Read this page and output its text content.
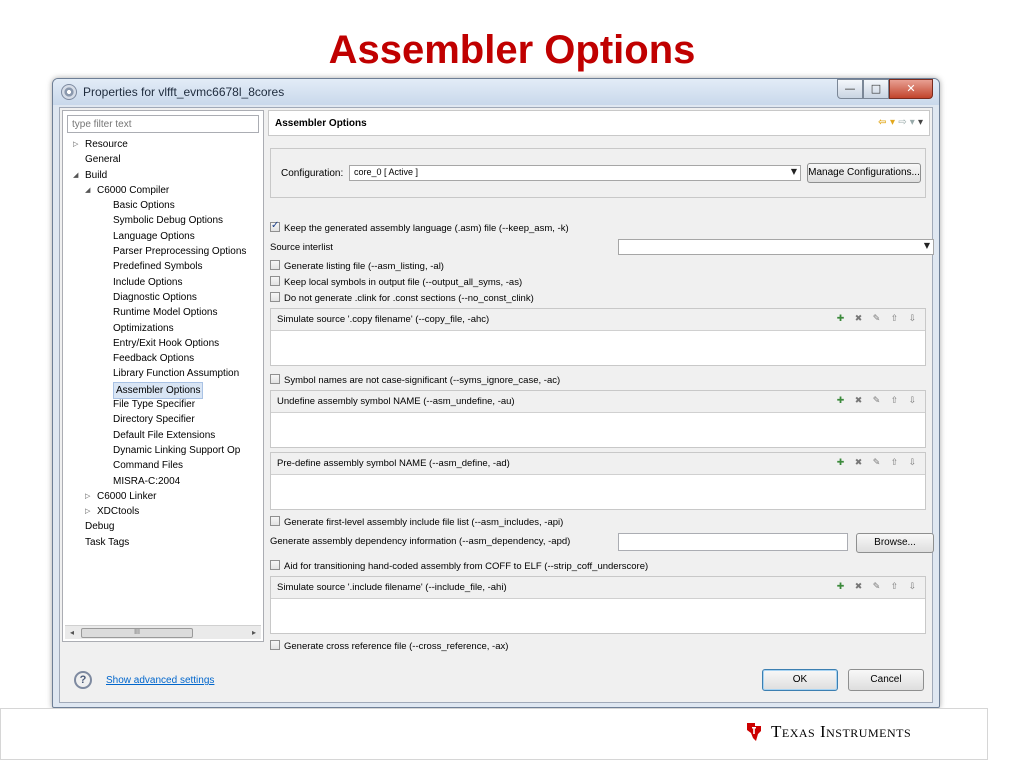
Assembler Options
Properties for vlfft_evmc6678l_8cores	—	□	✕
type filter text
▷ Resource
General
◢ Build
◢ C6000 Compiler
Basic Options
Symbolic Debug Options
Language Options
Parser Preprocessing Options
Predefined Symbols
Include Options
Diagnostic Options
Runtime Model Options
Optimizations
Entry/Exit Hook Options
Feedback Options
Library Function Assumption
Assembler Options
File Type Specifier
Directory Specifier
Default File Extensions
Dynamic Linking Support Op
Command Files
MISRA-C:2004
▷ C6000 Linker
▷ XDCtools
Debug
Task Tags
◂	III	▸
Assembler Options	⇦ ▾ ⇨ ▾ ▾
Configuration:	core_0 [ Active ]	▼ Manage Configurations...
✓Keep the generated assembly language (.asm) file (--keep_asm, -k)
Source interlist	▼
Generate listing file (--asm_listing, -al)
Keep local symbols in output file (--output_all_syms, -as)
Do not generate .clink for .const sections (--no_const_clink)
Simulate source '.copy filename' (--copy_file, -ahc)	✚	✖	✎	⇧	⇩
Symbol names are not case-significant (--syms_ignore_case, -ac)
Undefine assembly symbol NAME (--asm_undefine, -au)	✚	✖	✎	⇧	⇩
Pre-define assembly symbol NAME (--asm_define, -ad)	✚	✖	✎	⇧	⇩
Generate first-level assembly include file list (--asm_includes, -api)
Generate assembly dependency information (--asm_dependency, -apd)	Browse...
Aid for transitioning hand-coded assembly from COFF to ELF (--strip_coff_underscore)
Simulate source '.include filename' (--include_file, -ahi)	✚	✖	✎	⇧	⇩
Generate cross reference file (--cross_reference, -ax)
?	Show advanced settings	OK	Cancel
Texas Instruments
